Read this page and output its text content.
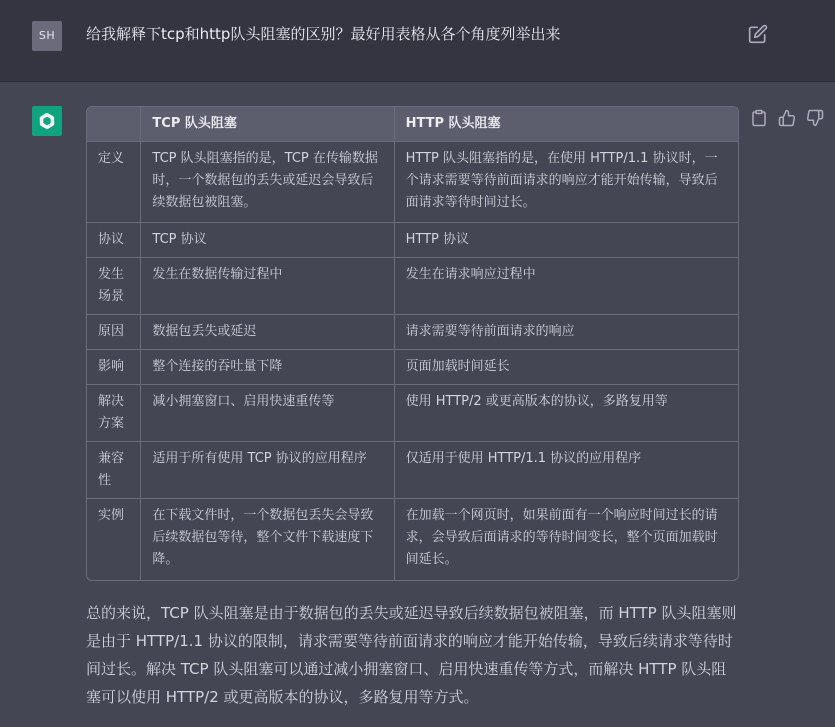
SH	给我解释下tcp和http队头阻塞的区别？最好用表格从各个角度列举出来
	TCP 队头阻塞	HTTP 队头阻塞
定义	TCP 队头阻塞指的是，TCP 在传输数据时，一个数据包的丢失或延迟会导致后续数据包被阻塞。	HTTP 队头阻塞指的是，在使用 HTTP/1.1 协议时，一个请求需要等待前面请求的响应才能开始传输，导致后面请求等待时间过长。
协议	TCP 协议	HTTP 协议
发生场景	发生在数据传输过程中	发生在请求响应过程中
原因	数据包丢失或延迟	请求需要等待前面请求的响应
影响	整个连接的吞吐量下降	页面加载时间延长
解决方案	减小拥塞窗口、启用快速重传等	使用 HTTP/2 或更高版本的协议，多路复用等
兼容性	适用于所有使用 TCP 协议的应用程序	仅适用于使用 HTTP/1.1 协议的应用程序
实例	在下载文件时，一个数据包丢失会导致后续数据包等待，整个文件下载速度下降。	在加载一个网页时，如果前面有一个响应时间过长的请求，会导致后面请求的等待时间变长，整个页面加载时间延长。

总的来说，TCP 队头阻塞是由于数据包的丢失或延迟导致后续数据包被阻塞，而 HTTP 队头阻塞则是由于 HTTP/1.1 协议的限制，请求需要等待前面请求的响应才能开始传输，导致后续请求等待时间过长。解决 TCP 队头阻塞可以通过减小拥塞窗口、启用快速重传等方式，而解决 HTTP 队头阻塞可以使用 HTTP/2 或更高版本的协议，多路复用等方式。
